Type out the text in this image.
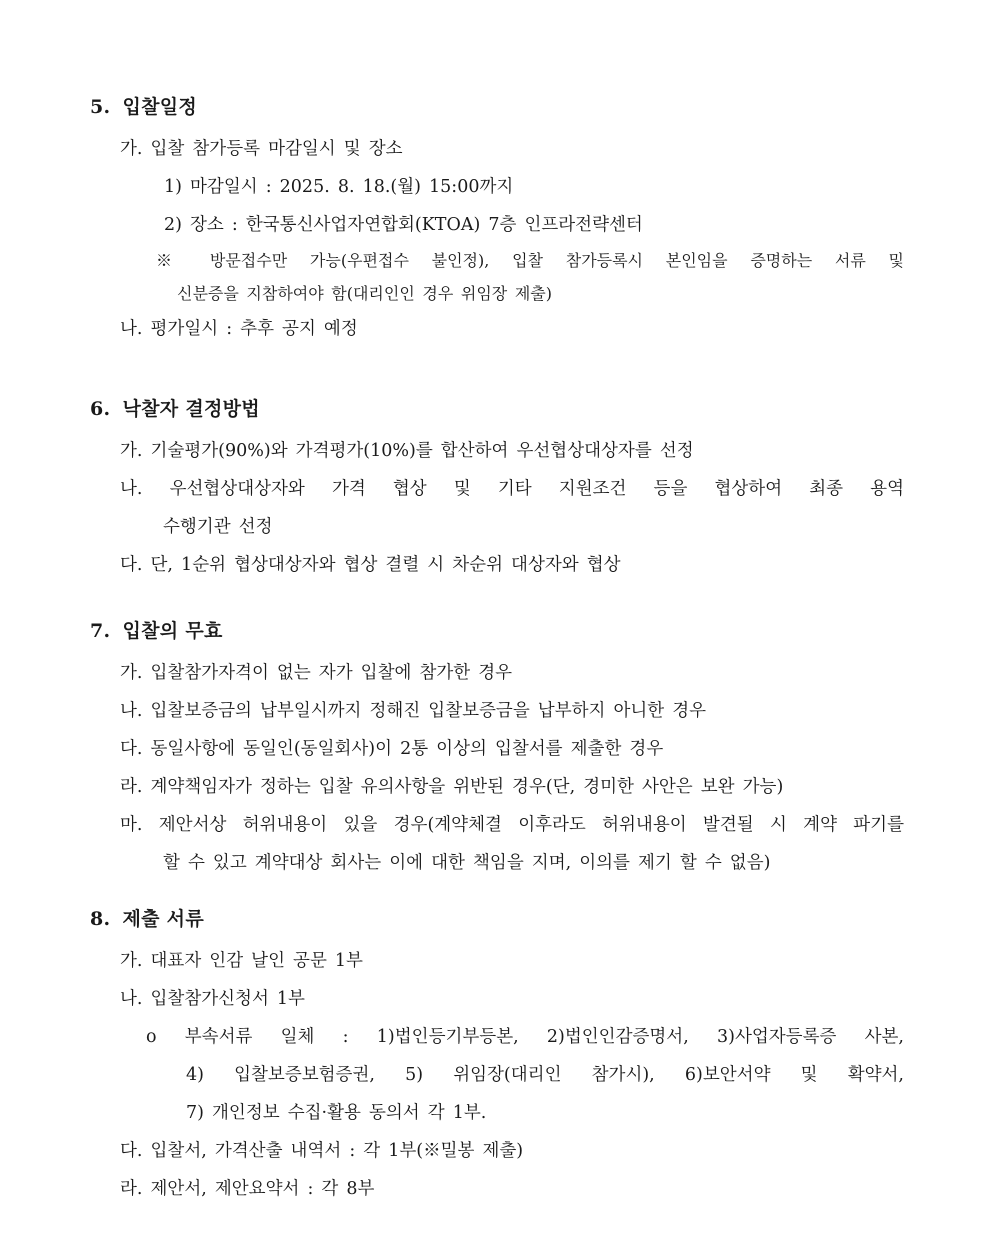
5. 입찰일정
가. 입찰 참가등록 마감일시 및 장소
1) 마감일시 : 2025. 8. 18.(월) 15:00까지
2) 장소 : 한국통신사업자연합회(KTOA) 7층 인프라전략센터
※ 방문접수만 가능(우편접수 불인정), 입찰 참가등록시 본인임을 증명하는 서류 및
신분증을 지참하여야 함(대리인인 경우 위임장 제출)
나. 평가일시 : 추후 공지 예정
6. 낙찰자 결정방법
가. 기술평가(90%)와 가격평가(10%)를 합산하여 우선협상대상자를 선정
나. 우선협상대상자와 가격 협상 및 기타 지원조건 등을 협상하여 최종 용역
수행기관 선정
다. 단, 1순위 협상대상자와 협상 결렬 시 차순위 대상자와 협상
7. 입찰의 무효
가. 입찰참가자격이 없는 자가 입찰에 참가한 경우
나. 입찰보증금의 납부일시까지 정해진 입찰보증금을 납부하지 아니한 경우
다. 동일사항에 동일인(동일회사)이 2통 이상의 입찰서를 제출한 경우
라. 계약책임자가 정하는 입찰 유의사항을 위반된 경우(단, 경미한 사안은 보완 가능)
마. 제안서상 허위내용이 있을 경우(계약체결 이후라도 허위내용이 발견될 시 계약 파기를
할 수 있고 계약대상 회사는 이에 대한 책임을 지며, 이의를 제기 할 수 없음)
8. 제출 서류
가. 대표자 인감 날인 공문 1부
나. 입찰참가신청서 1부
o 부속서류 일체 : 1)법인등기부등본, 2)법인인감증명서, 3)사업자등록증 사본,
4) 입찰보증보험증권, 5) 위임장(대리인 참가시), 6)보안서약 및 확약서,
7) 개인정보 수집·활용 동의서 각 1부.
다. 입찰서, 가격산출 내역서 : 각 1부(※밀봉 제출)
라. 제안서, 제안요약서 : 각 8부
